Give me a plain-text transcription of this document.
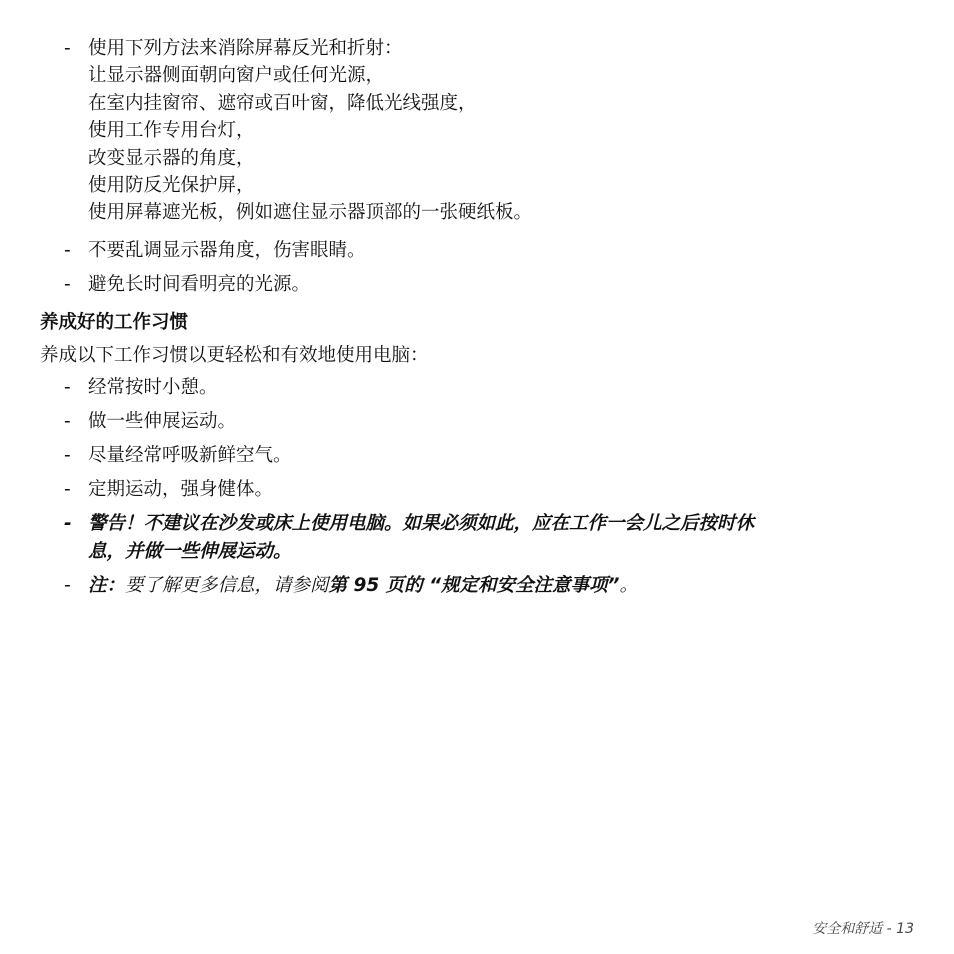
- 使用下列方法来消除屏幕反光和折射：
让显示器侧面朝向窗户或任何光源，
在室内挂窗帘、遮帘或百叶窗，降低光线强度，
使用工作专用台灯，
改变显示器的角度，
使用防反光保护屏，
使用屏幕遮光板，例如遮住显示器顶部的一张硬纸板。
- 不要乱调显示器角度，伤害眼睛。
- 避免长时间看明亮的光源。
养成好的工作习惯
养成以下工作习惯以更轻松和有效地使用电脑：
- 经常按时小憩。
- 做一些伸展运动。
- 尽量经常呼吸新鲜空气。
- 定期运动，强身健体。
- 警告！不建议在沙发或床上使用电脑。如果必须如此，应在工作一会儿之后按时休
息，并做一些伸展运动。
- 注：要了解更多信息，请参阅第 95 页的 “规定和安全注意事项”。
安全和舒适 - 13
